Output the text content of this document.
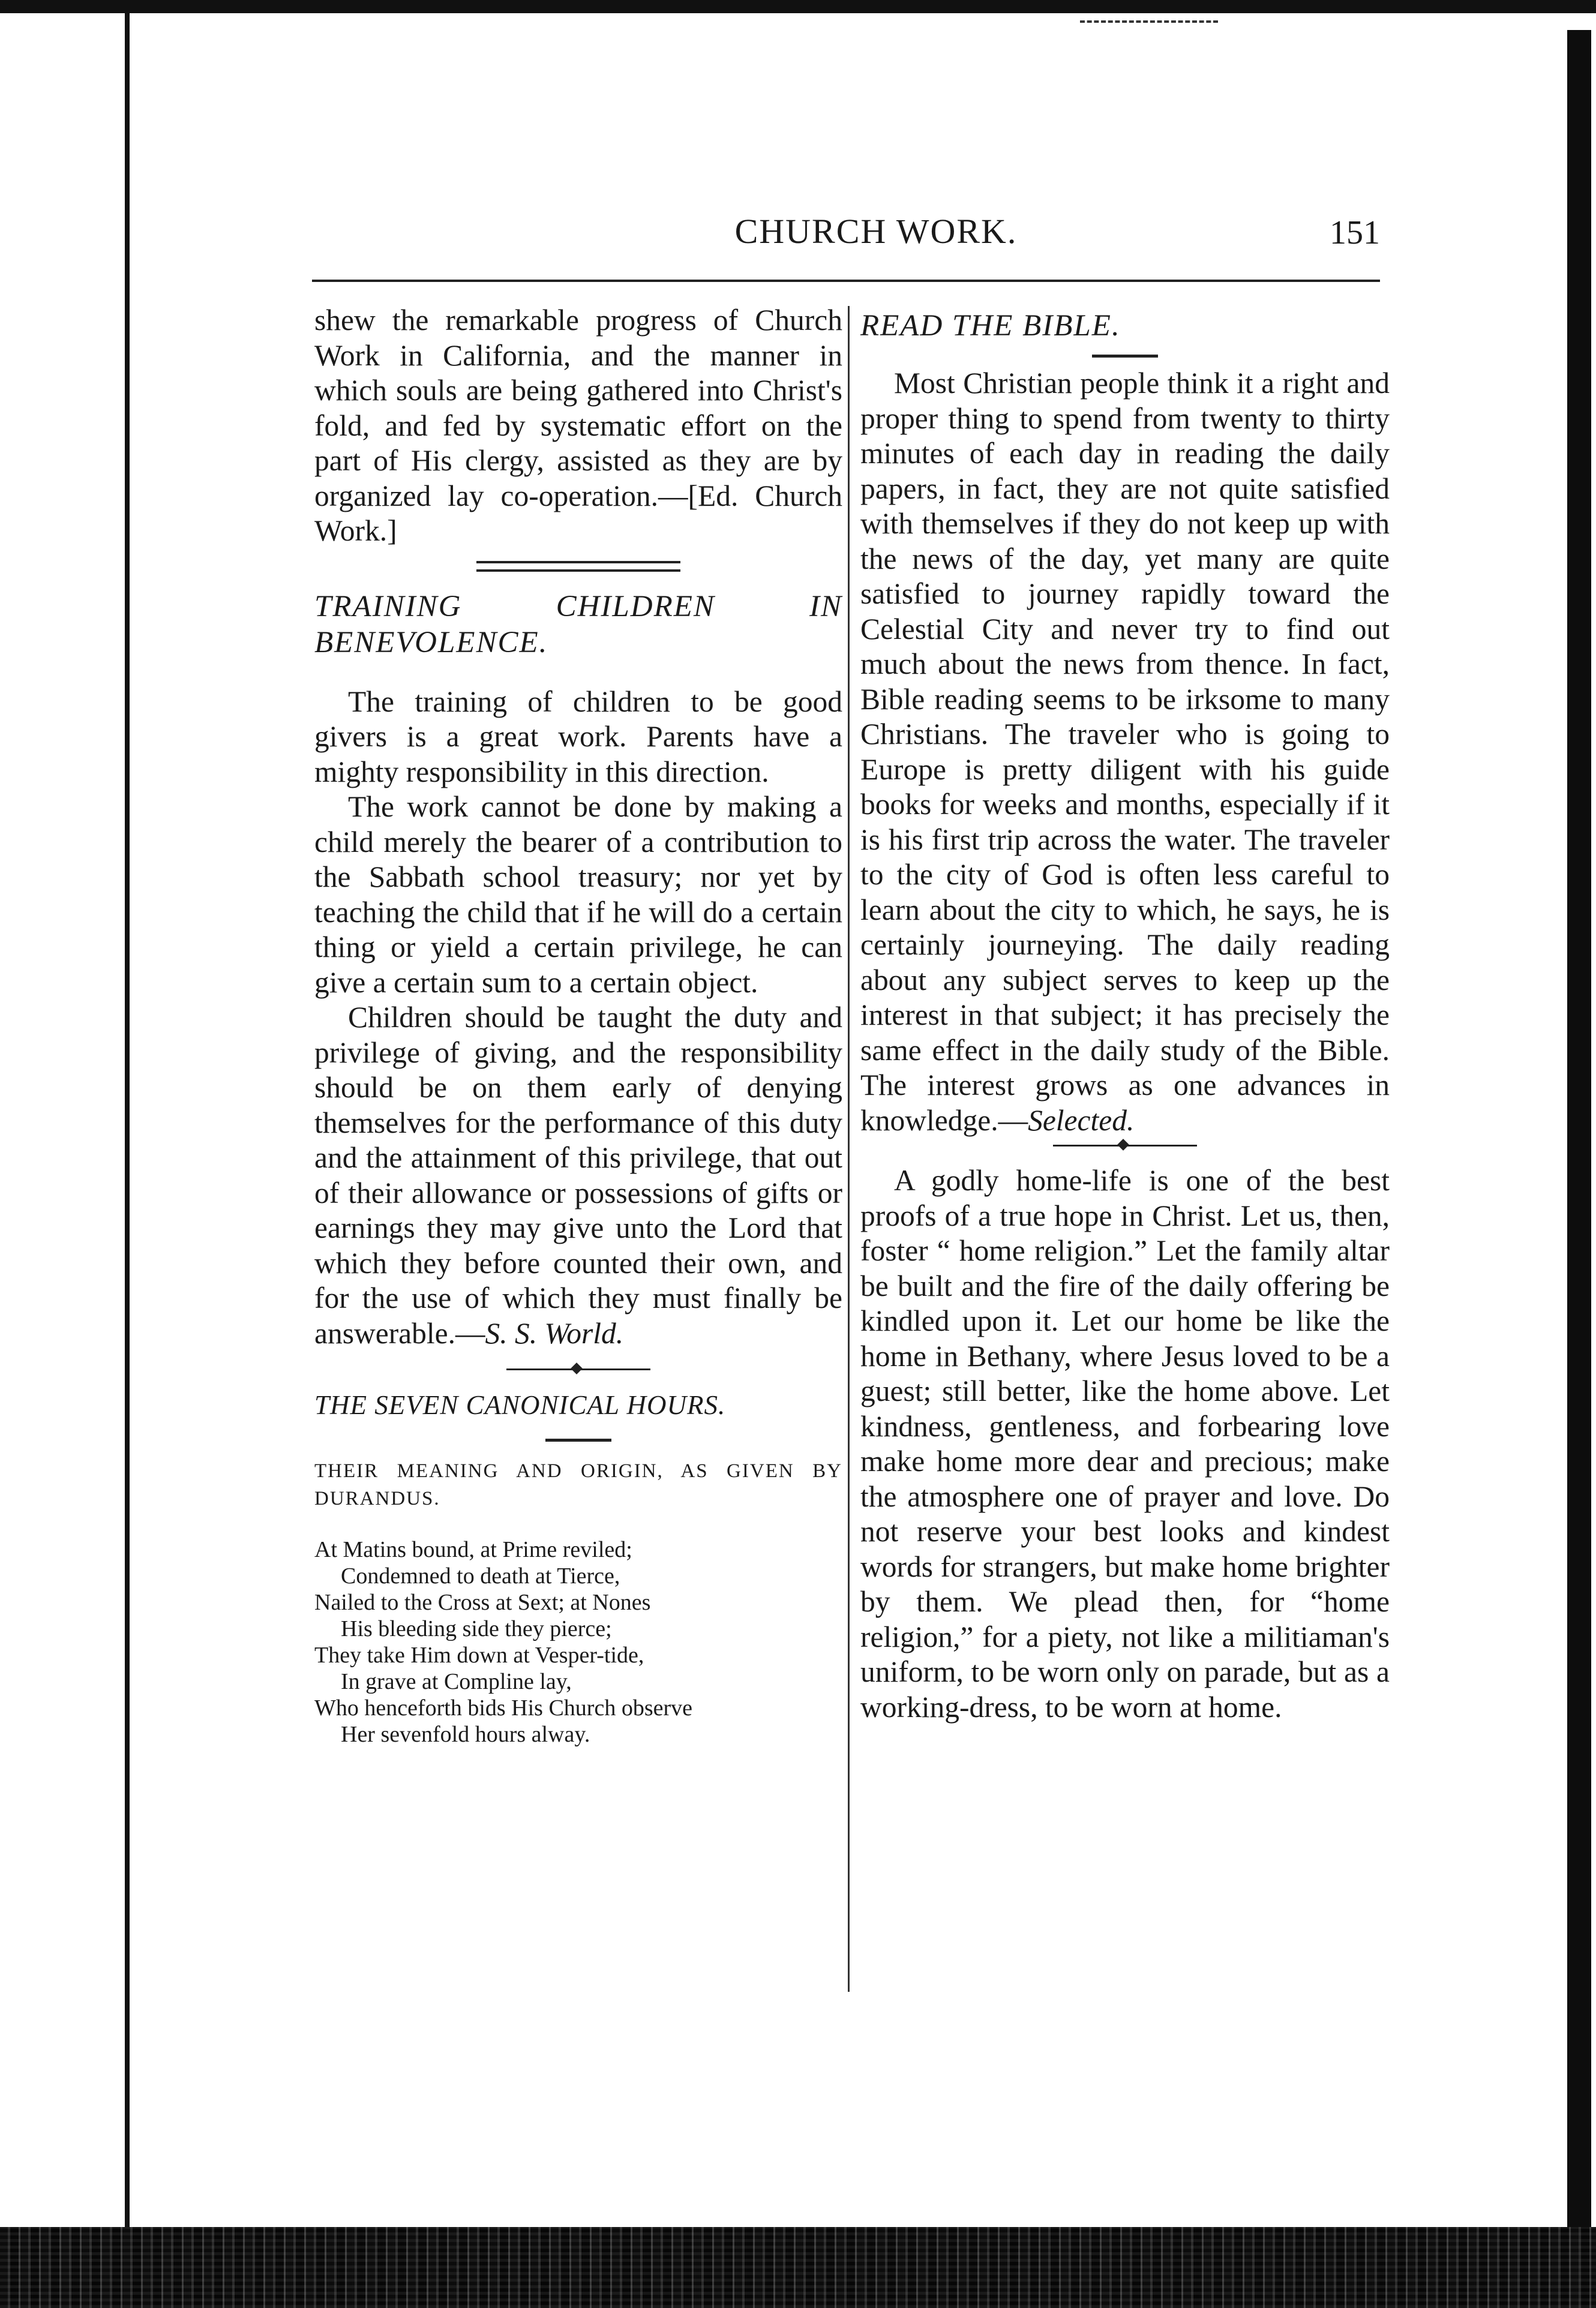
CHURCH WORK.	151

shew the remarkable progress of Church Work in California, and the manner in which souls are being gathered into Christ's fold, and fed by systematic effort on the part of His clergy, assisted as they are by organized lay co-operation.—[Ed. Church Work.]

TRAINING CHILDREN IN BENEVOLENCE.

The training of children to be good givers is a great work. Parents have a mighty responsibility in this direction.

The work cannot be done by making a child merely the bearer of a contribution to the Sabbath school treasury; nor yet by teaching the child that if he will do a certain thing or yield a certain privilege, he can give a certain sum to a certain object.

Children should be taught the duty and privilege of giving, and the responsibility should be on them early of denying themselves for the performance of this duty and the attainment of this privilege, that out of their allowance or possessions of gifts or earnings they may give unto the Lord that which they before counted their own, and for the use of which they must finally be answerable.—S. S. World.

THE SEVEN CANONICAL HOURS.

THEIR MEANING AND ORIGIN, AS GIVEN BY DURANDUS.

At Matins bound, at Prime reviled;
Condemned to death at Tierce,
Nailed to the Cross at Sext; at Nones
His bleeding side they pierce;
They take Him down at Vesper-tide,
In grave at Compline lay,
Who henceforth bids His Church observe
Her sevenfold hours alway.

READ THE BIBLE.

Most Christian people think it a right and proper thing to spend from twenty to thirty minutes of each day in reading the daily papers, in fact, they are not quite satisfied with themselves if they do not keep up with the news of the day, yet many are quite satisfied to journey rapidly toward the Celestial City and never try to find out much about the news from thence. In fact, Bible reading seems to be irksome to many Christians. The traveler who is going to Europe is pretty diligent with his guide books for weeks and months, especially if it is his first trip across the water. The traveler to the city of God is often less careful to learn about the city to which, he says, he is certainly journeying. The daily reading about any subject serves to keep up the interest in that subject; it has precisely the same effect in the daily study of the Bible. The interest grows as one advances in knowledge.—Selected.

A godly home-life is one of the best proofs of a true hope in Christ. Let us, then, foster “ home religion.” Let the family altar be built and the fire of the daily offering be kindled upon it. Let our home be like the home in Bethany, where Jesus loved to be a guest; still better, like the home above. Let kindness, gentleness, and forbearing love make home more dear and precious; make the atmosphere one of prayer and love. Do not reserve your best looks and kindest words for strangers, but make home brighter by them. We plead then, for “home religion,” for a piety, not like a militiaman's uniform, to be worn only on parade, but as a working-dress, to be worn at home.
